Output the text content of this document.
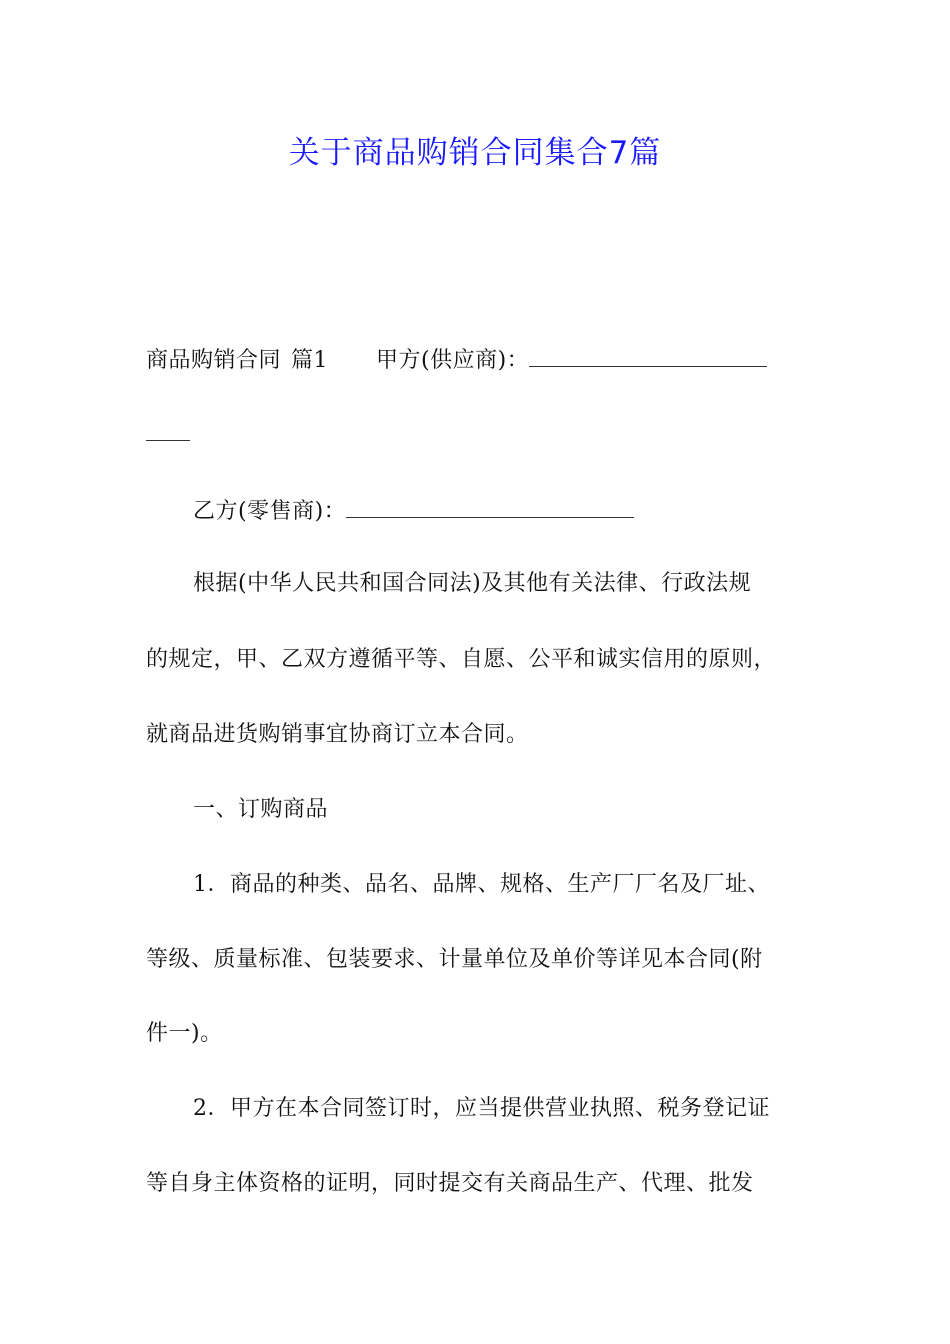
关于商品购销合同集合7篇
商品购销合同 篇1 甲方(供应商)：
乙方(零售商)：
根据(中华人民共和国合同法)及其他有关法律、行政法规
的规定，甲、乙双方遵循平等、自愿、公平和诚实信用的原则，
就商品进货购销事宜协商订立本合同。
一、订购商品
1．商品的种类、品名、品牌、规格、生产厂厂名及厂址、
等级、质量标准、包装要求、计量单位及单价等详见本合同(附
件一)。
2．甲方在本合同签订时，应当提供营业执照、税务登记证
等自身主体资格的证明，同时提交有关商品生产、代理、批发
